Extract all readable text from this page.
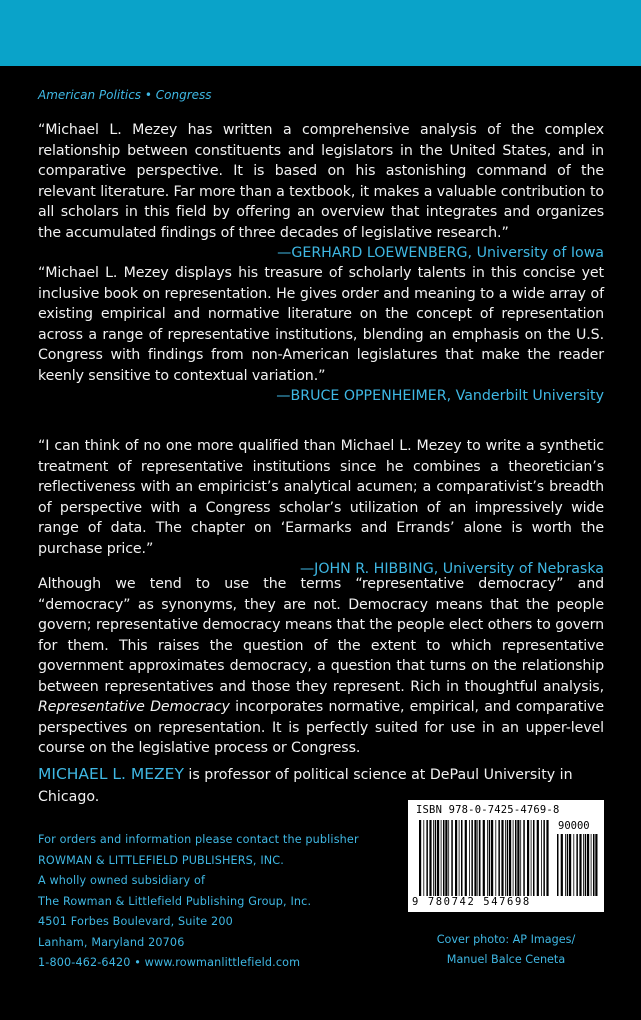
American Politics • Congress
“Michael L. Mezey has written a comprehensive analysis of the complex relationship between constituents and legislators in the United States, and in comparative perspective. It is based on his astonishing command of the relevant literature. Far more than a textbook, it makes a valuable contribution to all scholars in this field by offering an overview that integrates and organizes the accumulated findings of three decades of legislative research.”
—GERHARD LOEWENBERG, University of Iowa
“Michael L. Mezey displays his treasure of scholarly talents in this concise yet inclusive book on representation. He gives order and meaning to a wide array of existing empirical and normative literature on the concept of representation across a range of representative institutions, blending an emphasis on the U.S. Congress with findings from non-American legislatures that make the reader keenly sensitive to contextual variation.”
—BRUCE OPPENHEIMER, Vanderbilt University
“I can think of no one more qualified than Michael L. Mezey to write a synthetic treatment of representative institutions since he combines a theoretician’s reflectiveness with an empiricist’s analytical acumen; a comparativist’s breadth of perspective with a Congress scholar’s utilization of an impressively wide range of data. The chapter on ‘Earmarks and Errands’ alone is worth the purchase price.”
—JOHN R. HIBBING, University of Nebraska
Although we tend to use the terms “representative democracy” and “democracy” as synonyms, they are not. Democracy means that the people govern; representative democracy means that the people elect others to govern for them. This raises the question of the extent to which representative government approximates democracy, a question that turns on the relationship between representatives and those they represent. Rich in thoughtful analysis, Representative Democracy incorporates normative, empirical, and comparative perspectives on representation. It is perfectly suited for use in an upper-level course on the legislative process or Congress.
MICHAEL L. MEZEY is professor of political science at DePaul University in Chicago.
For orders and information please contact the publisher
ROWMAN & LITTLEFIELD PUBLISHERS, INC.
A wholly owned subsidiary of
The Rowman & Littlefield Publishing Group, Inc.
4501 Forbes Boulevard, Suite 200
Lanham, Maryland 20706
1-800-462-6420 • www.rowmanlittlefield.com
ISBN 978-0-7425-4769-8
90000
9 780742 547698
Cover photo: AP Images/
Manuel Balce Ceneta
